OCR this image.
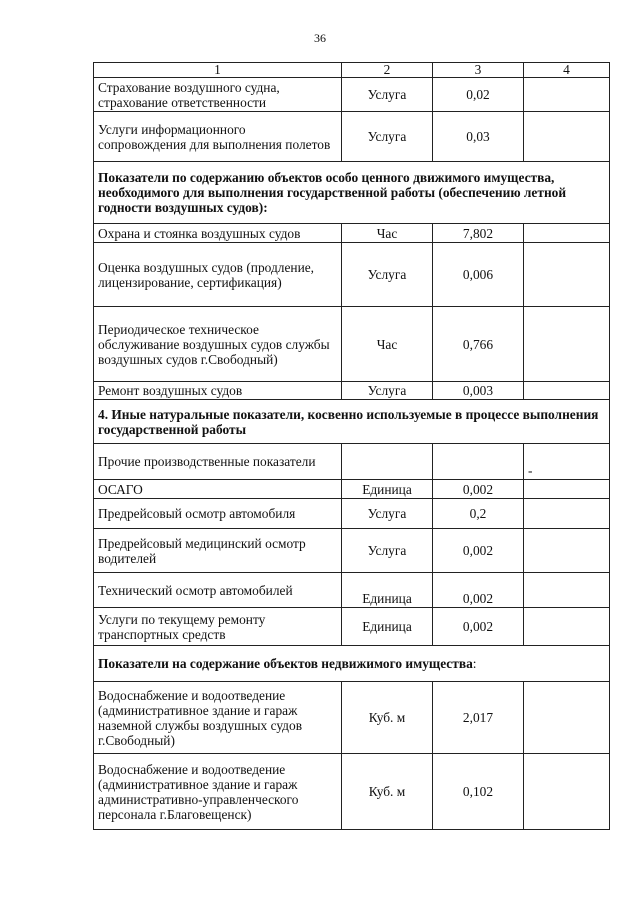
36
1	2	3	4
Страхование воздушного судна, страхование ответственности	Услуга	0,02	
Услуги информационного сопровождения для выполнения полетов	Услуга	0,03	
Показатели по содержанию объектов особо ценного движимого имущества, необходимого для выполнения государственной работы (обеспечению летной годности воздушных судов):			
Охрана и стоянка воздушных судов	Час	7,802	
Оценка воздушных судов (продление, лицензирование, сертификация)	Услуга	0,006	
Периодическое техническое обслуживание воздушных судов службы воздушных судов г.Свободный)	Час	0,766	
Ремонт воздушных судов	Услуга	0,003	
4. Иные натуральные показатели, косвенно используемые в процессе выполнения государственной работы			
Прочие производственные показатели			-
ОСАГО	Единица	0,002	
Предрейсовый осмотр автомобиля	Услуга	0,2	
Предрейсовый медицинский осмотр водителей	Услуга	0,002	
Технический осмотр автомобилей	Единица	0,002	
Услуги по текущему ремонту транспортных средств	Единица	0,002	
Показатели на содержание объектов недвижимого имущества:			
Водоснабжение и водоотведение (административное здание и гараж наземной службы воздушных судов г.Свободный)	Куб. м	2,017	
Водоснабжение и водоотведение (административное здание и гараж административно-управленческого персонала г.Благовещенск)	Куб. м	0,102	
